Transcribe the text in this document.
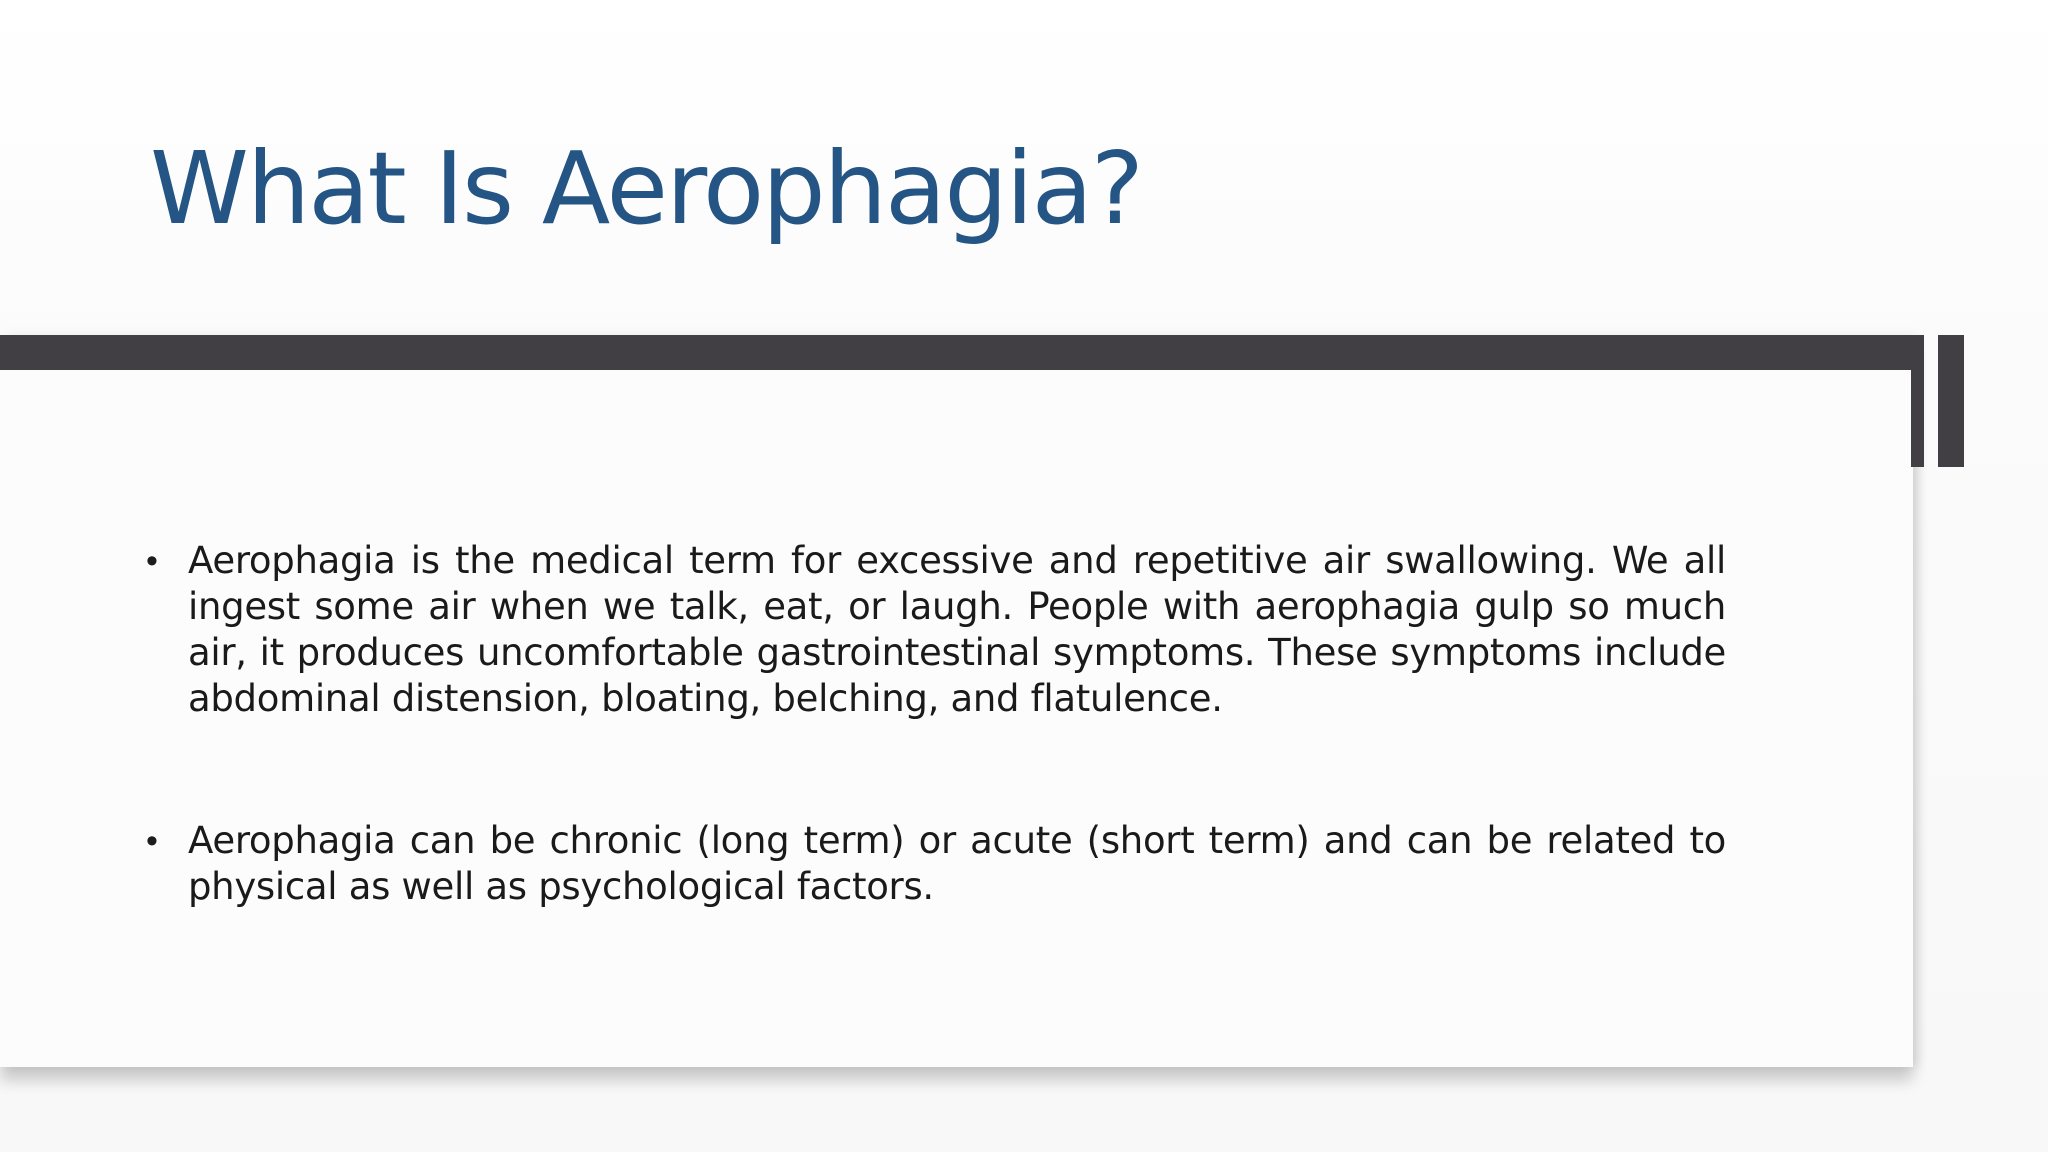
What Is Aerophagia?
• Aerophagia is the medical term for excessive and repetitive air swallowing. We all ingest some air when we talk, eat, or laugh. People with aerophagia gulp so much air, it produces uncomfortable gastrointestinal symptoms. These symptoms include abdominal distension, bloating, belching, and flatulence.
• Aerophagia can be chronic (long term) or acute (short term) and can be related to physical as well as psychological factors.
